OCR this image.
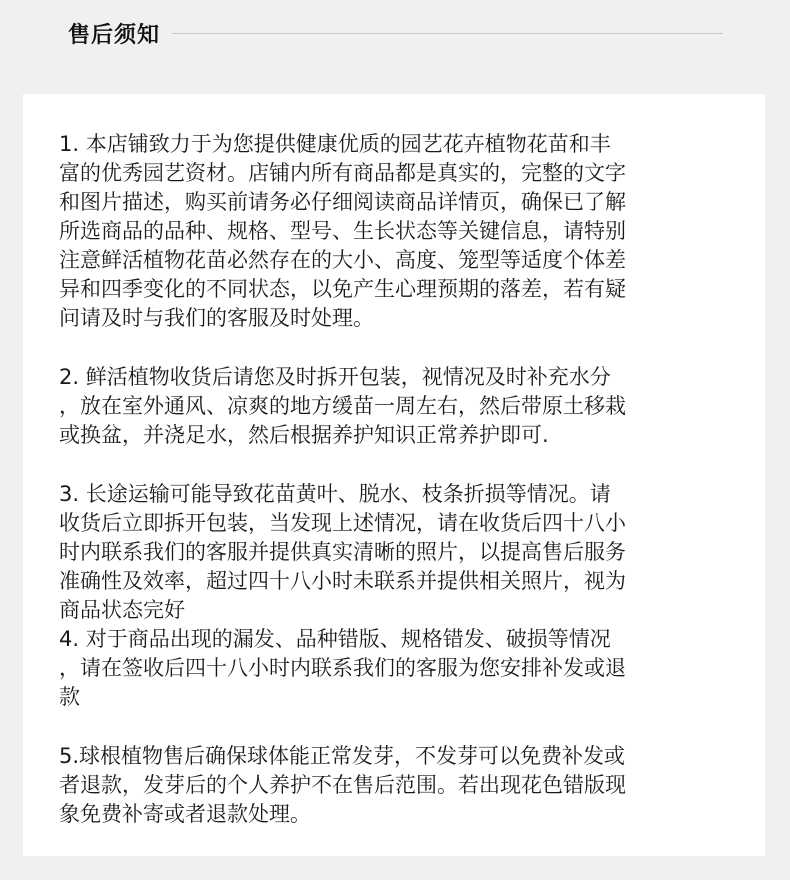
售后须知

1. 本店铺致力于为您提供健康优质的园艺花卉植物花苗和丰
富的优秀园艺资材。店铺内所有商品都是真实的，完整的文字
和图片描述，购买前请务必仔细阅读商品详情页，确保已了解
所选商品的品种、规格、型号、生长状态等关键信息，请特别
注意鲜活植物花苗必然存在的大小、高度、笼型等适度个体差
异和四季变化的不同状态，以免产生心理预期的落差，若有疑
问请及时与我们的客服及时处理。

2. 鲜活植物收货后请您及时拆开包装，视情况及时补充水分
，放在室外通风、凉爽的地方缓苗一周左右，然后带原土移栽
或换盆，并浇足水，然后根据养护知识正常养护即可.

3. 长途运输可能导致花苗黄叶、脱水、枝条折损等情况。请
收货后立即拆开包装，当发现上述情况，请在收货后四十八小
时内联系我们的客服并提供真实清晰的照片，以提高售后服务
准确性及效率，超过四十八小时未联系并提供相关照片，视为
商品状态完好

4. 对于商品出现的漏发、品种错版、规格错发、破损等情况
，请在签收后四十八小时内联系我们的客服为您安排补发或退
款

5.球根植物售后确保球体能正常发芽，不发芽可以免费补发或
者退款，发芽后的个人养护不在售后范围。若出现花色错版现
象免费补寄或者退款处理。
